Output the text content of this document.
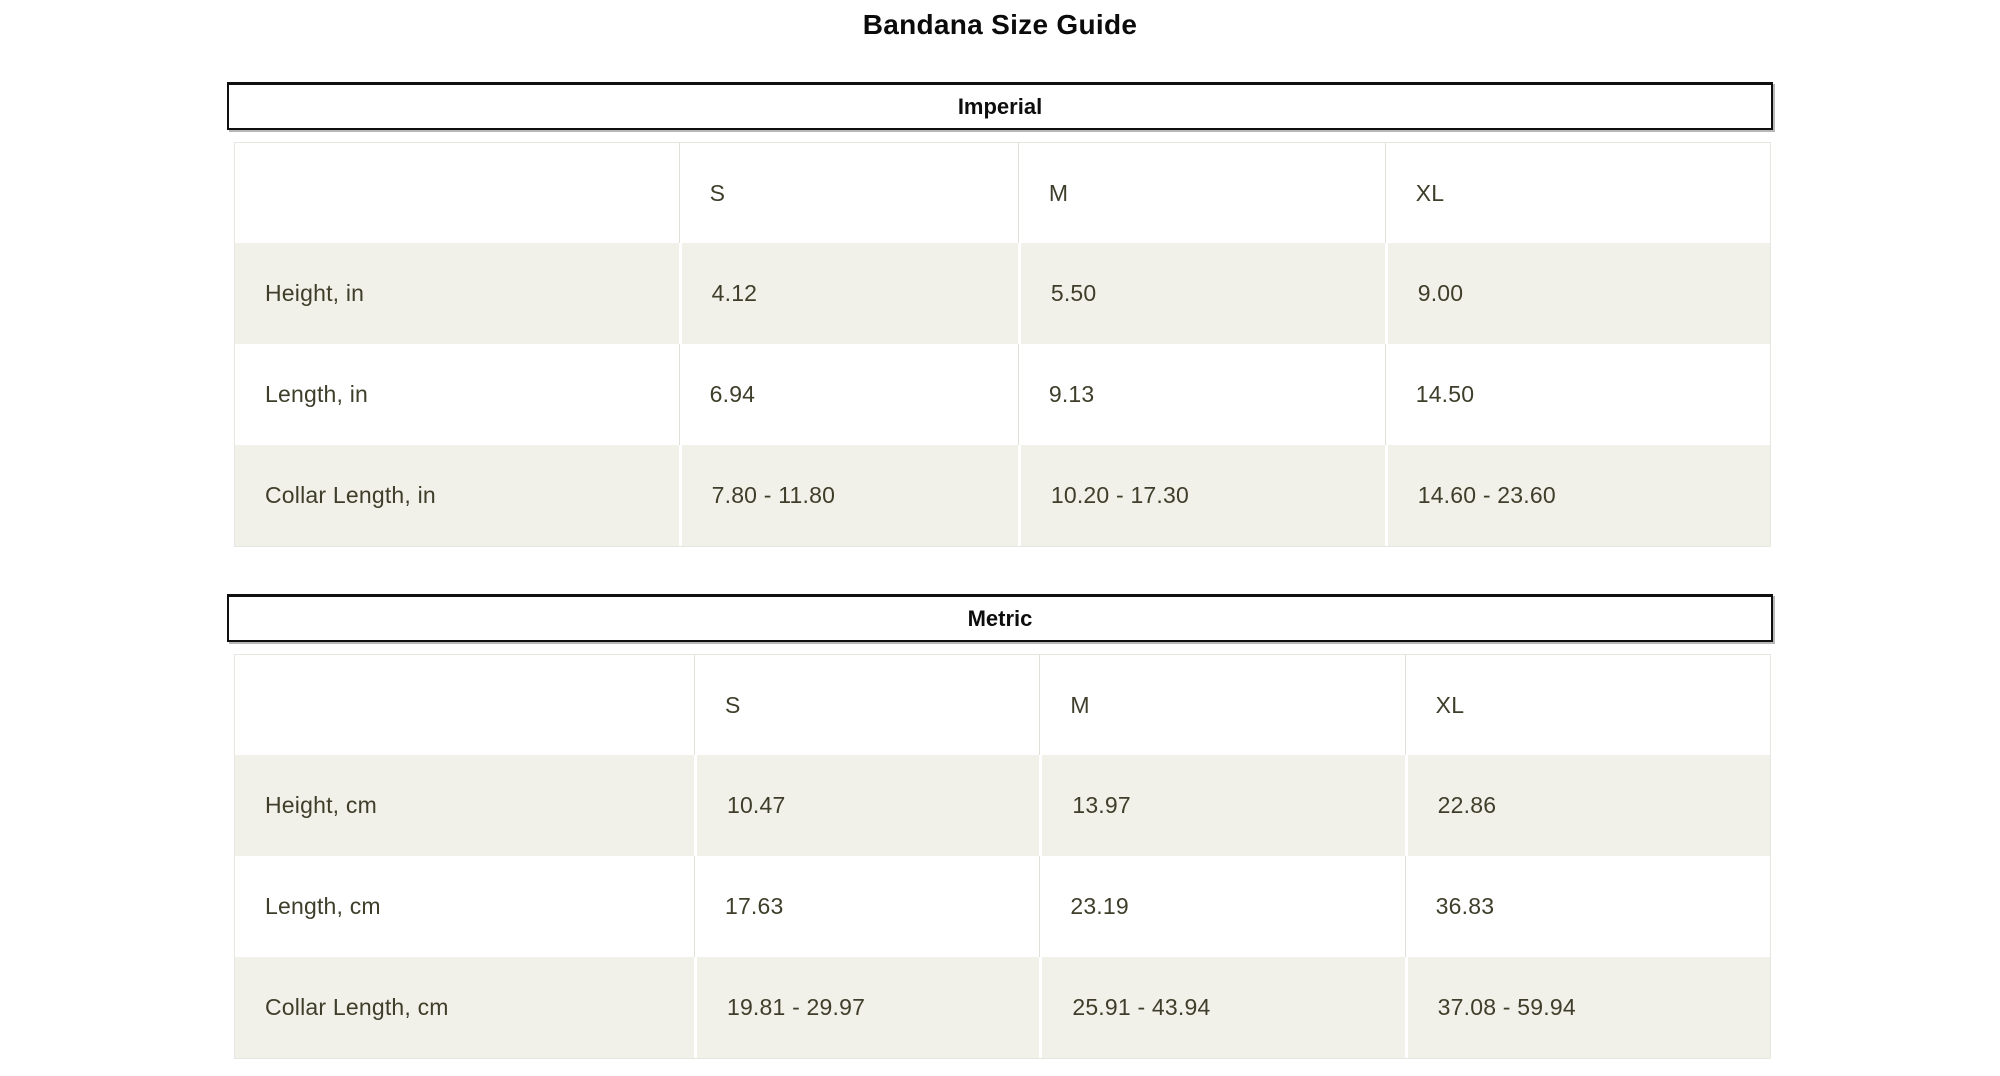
Bandana Size Guide
Imperial
	S	M	XL
Height, in	4.12	5.50	9.00
Length, in	6.94	9.13	14.50
Collar Length, in	7.80 - 11.80	10.20 - 17.30	14.60 - 23.60
Metric
	S	M	XL
Height, cm	10.47	13.97	22.86
Length, cm	17.63	23.19	36.83
Collar Length, cm	19.81 - 29.97	25.91 - 43.94	37.08 - 59.94
